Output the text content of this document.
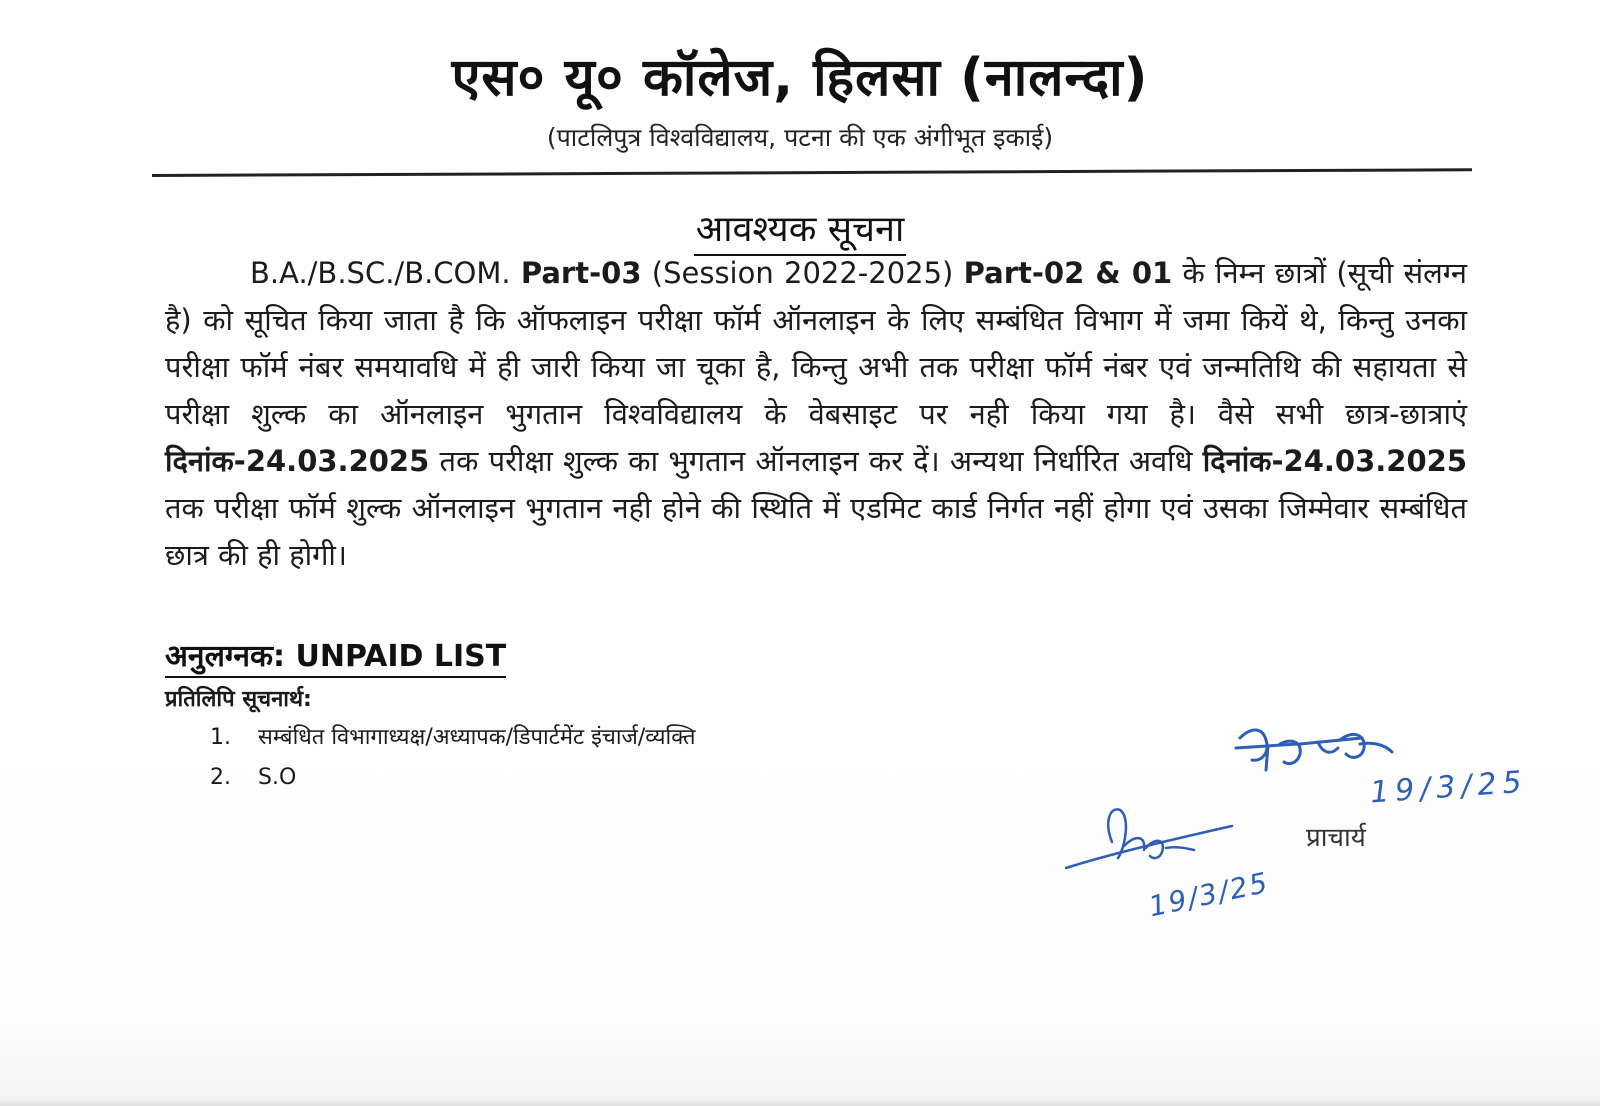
एस० यू० कॉलेज, हिलसा (नालन्दा)
(पाटलिपुत्र विश्वविद्यालय, पटना की एक अंगीभूत इकाई)
आवश्यक सूचना
B.A./B.SC./B.COM. Part-03 (Session 2022-2025) Part-02 & 01 के निम्न छात्रों (सूची संलग्न है) को सूचित किया जाता है कि ऑफलाइन परीक्षा फॉर्म ऑनलाइन के लिए सम्बंधित विभाग में जमा कियें थे, किन्तु उनका परीक्षा फॉर्म नंबर समयावधि में ही जारी किया जा चूका है, किन्तु अभी तक परीक्षा फॉर्म नंबर एवं जन्मतिथि की सहायता से परीक्षा शुल्क का ऑनलाइन भुगतान विश्वविद्यालय के वेबसाइट पर नही किया गया है। वैसे सभी छात्र-छात्राएं दिनांक-24.03.2025 तक परीक्षा शुल्क का भुगतान ऑनलाइन कर दें। अन्यथा निर्धारित अवधि दिनांक-24.03.2025 तक परीक्षा फॉर्म शुल्क ऑनलाइन भुगतान नही होने की स्थिति में एडमिट कार्ड निर्गत नहीं होगा एवं उसका जिम्मेवार सम्बंधित छात्र की ही होगी।
अनुलग्नक: UNPAID LIST
प्रतिलिपि सूचनार्थ:
1. सम्बंधित विभागाध्यक्ष/अध्यापक/डिपार्टमेंट इंचार्ज/व्यक्ति
2. S.O	19/3/25
19/3/25
प्राचार्य
